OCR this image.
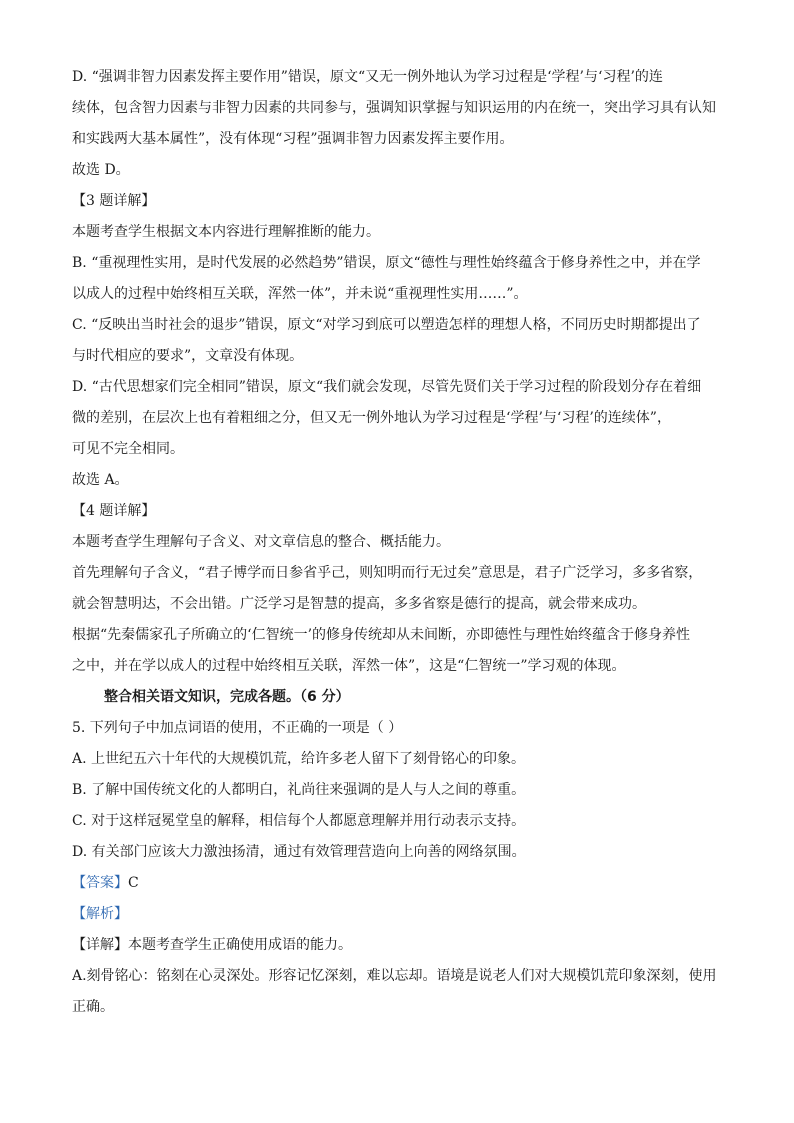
D. “强调非智力因素发挥主要作用”错误，原文“又无一例外地认为学习过程是‘学程’与‘习程’的连
续体，包含智力因素与非智力因素的共同参与，强调知识掌握与知识运用的内在统一，突出学习具有认知
和实践两大基本属性”，没有体现“习程”强调非智力因素发挥主要作用。
故选 D。
【3 题详解】
本题考查学生根据文本内容进行理解推断的能力。
B. “重视理性实用，是时代发展的必然趋势”错误，原文“德性与理性始终蕴含于修身养性之中，并在学
以成人的过程中始终相互关联，浑然一体”，并未说“重视理性实用……”。
C. “反映出当时社会的退步”错误，原文“对学习到底可以塑造怎样的理想人格，不同历史时期都提出了
与时代相应的要求”，文章没有体现。
D. “古代思想家们完全相同”错误，原文“我们就会发现，尽管先贤们关于学习过程的阶段划分存在着细
微的差别，在层次上也有着粗细之分，但又无一例外地认为学习过程是‘学程’与‘习程’的连续体”，
可见不完全相同。
故选 A。
【4 题详解】
本题考查学生理解句子含义、对文章信息的整合、概括能力。
首先理解句子含义，“君子博学而日参省乎己，则知明而行无过矣”意思是，君子广泛学习，多多省察，
就会智慧明达，不会出错。广泛学习是智慧的提高，多多省察是德行的提高，就会带来成功。
根据“先秦儒家孔子所确立的‘仁智统一’的修身传统却从未间断，亦即德性与理性始终蕴含于修身养性
之中，并在学以成人的过程中始终相互关联，浑然一体”，这是“仁智统一”学习观的体现。
整合相关语文知识，完成各题。（6 分）
5. 下列句子中加点词语的使用，不正确的一项是（ ）
A. 上世纪五六十年代的大规模饥荒，给许多老人留下了刻骨铭心的印象。
B. 了解中国传统文化的人都明白，礼尚往来强调的是人与人之间的尊重。
C. 对于这样冠冕堂皇的解释，相信每个人都愿意理解并用行动表示支持。
D. 有关部门应该大力激浊扬清，通过有效管理营造向上向善的网络氛围。
【答案】C
【解析】
【详解】本题考查学生正确使用成语的能力。
A.刻骨铭心：铭刻在心灵深处。形容记忆深刻，难以忘却。语境是说老人们对大规模饥荒印象深刻，使用
正确。
